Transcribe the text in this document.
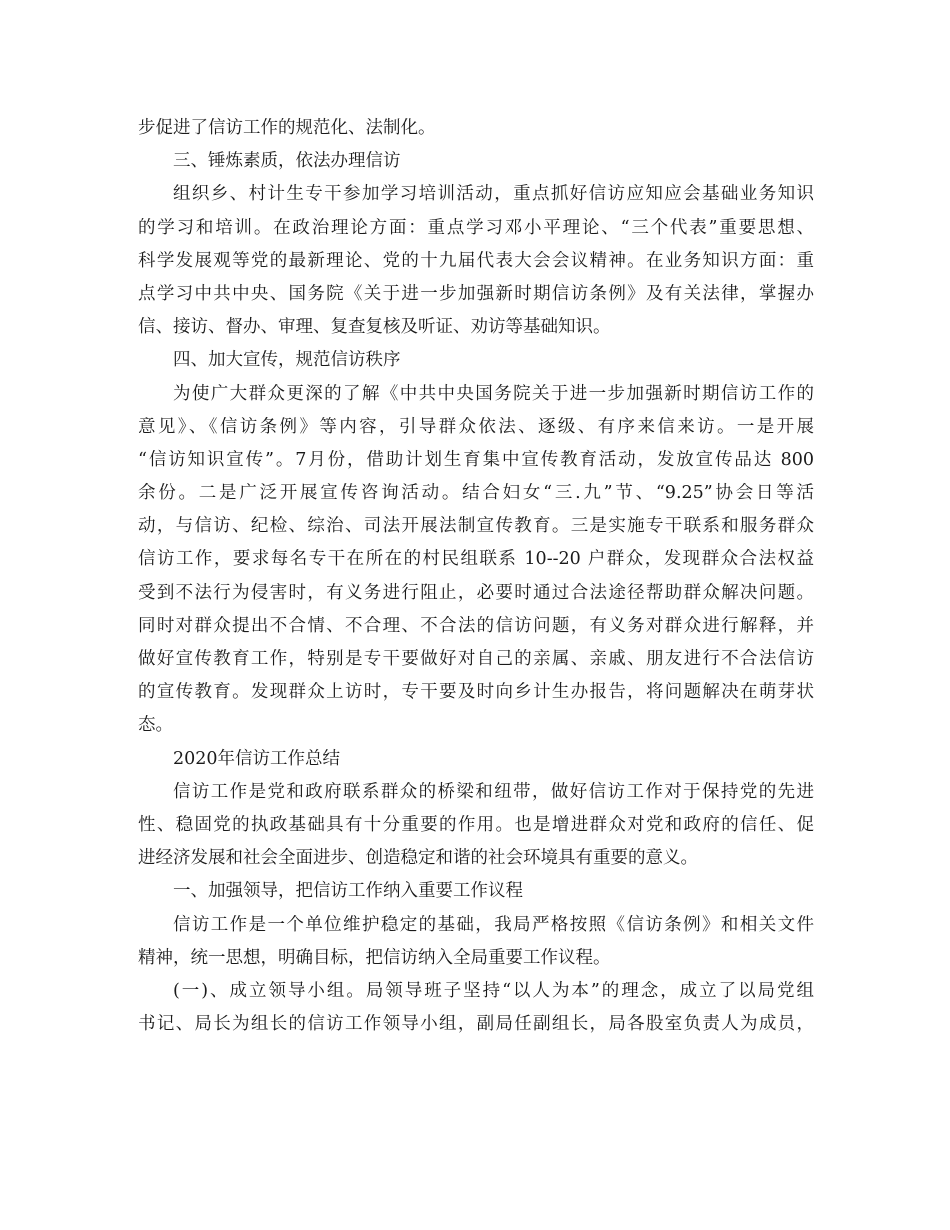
步促进了信访工作的规范化、法制化。
三、锤炼素质，依法办理信访
组织乡、村计生专干参加学习培训活动，重点抓好信访应知应会基础业务知识
的学习和培训。在政治理论方面：重点学习邓小平理论、“三个代表”重要思想、
科学发展观等党的最新理论、党的十九届代表大会会议精神。在业务知识方面：重
点学习中共中央、国务院《关于进一步加强新时期信访条例》及有关法律，掌握办
信、接访、督办、审理、复查复核及听证、劝访等基础知识。
四、加大宣传，规范信访秩序
为使广大群众更深的了解《中共中央国务院关于进一步加强新时期信访工作的
意见》、《信访条例》等内容，引导群众依法、逐级、有序来信来访。一是开展
“信访知识宣传”。7月份，借助计划生育集中宣传教育活动，发放宣传品达 800
余份。二是广泛开展宣传咨询活动。结合妇女“三.九”节、“9.25”协会日等活
动，与信访、纪检、综治、司法开展法制宣传教育。三是实施专干联系和服务群众
信访工作，要求每名专干在所在的村民组联系 10--20 户群众，发现群众合法权益
受到不法行为侵害时，有义务进行阻止，必要时通过合法途径帮助群众解决问题。
同时对群众提出不合情、不合理、不合法的信访问题，有义务对群众进行解释，并
做好宣传教育工作，特别是专干要做好对自己的亲属、亲戚、朋友进行不合法信访
的宣传教育。发现群众上访时，专干要及时向乡计生办报告，将问题解决在萌芽状
态。
2020年信访工作总结
信访工作是党和政府联系群众的桥梁和纽带，做好信访工作对于保持党的先进
性、稳固党的执政基础具有十分重要的作用。也是增进群众对党和政府的信任、促
进经济发展和社会全面进步、创造稳定和谐的社会环境具有重要的意义。
一、加强领导，把信访工作纳入重要工作议程
信访工作是一个单位维护稳定的基础，我局严格按照《信访条例》和相关文件
精神，统一思想，明确目标，把信访纳入全局重要工作议程。
(一)、成立领导小组。局领导班子坚持“以人为本”的理念，成立了以局党组
书记、局长为组长的信访工作领导小组，副局任副组长，局各股室负责人为成员，
